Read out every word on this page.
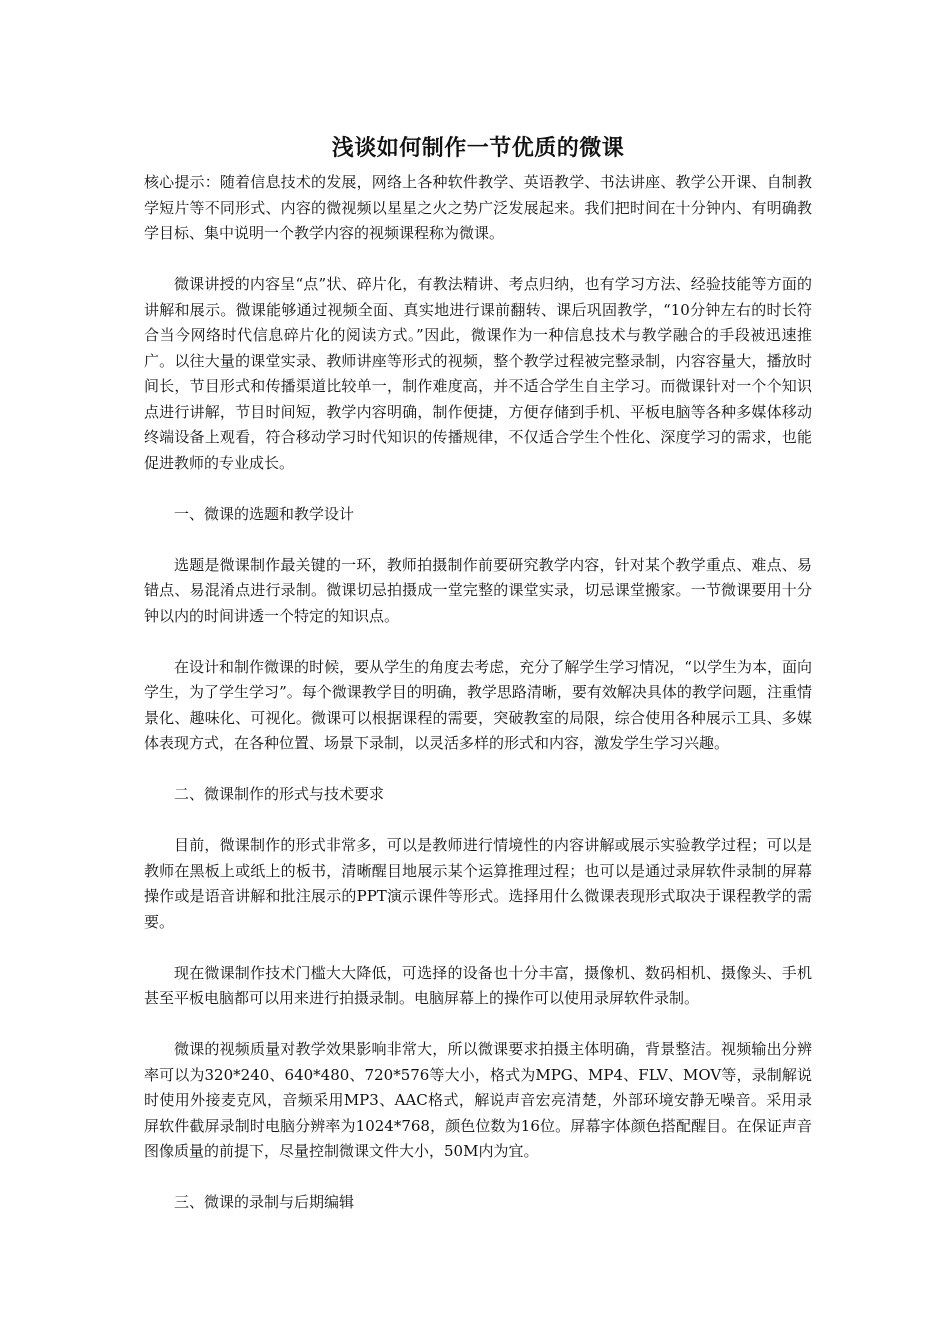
浅谈如何制作一节优质的微课

核心提示：随着信息技术的发展，网络上各种软件教学、英语教学、书法讲座、教学公开课、自制教学短片等不同形式、内容的微视频以星星之火之势广泛发展起来。我们把时间在十分钟内、有明确教学目标、集中说明一个教学内容的视频课程称为微课。

微课讲授的内容呈“点”状、碎片化，有教法精讲、考点归纳，也有学习方法、经验技能等方面的讲解和展示。微课能够通过视频全面、真实地进行课前翻转、课后巩固教学，“10分钟左右的时长符合当今网络时代信息碎片化的阅读方式。”因此，微课作为一种信息技术与教学融合的手段被迅速推广。以往大量的课堂实录、教师讲座等形式的视频，整个教学过程被完整录制，内容容量大，播放时间长，节目形式和传播渠道比较单一，制作难度高，并不适合学生自主学习。而微课针对一个个知识点进行讲解，节目时间短，教学内容明确，制作便捷，方便存储到手机、平板电脑等各种多媒体移动终端设备上观看，符合移动学习时代知识的传播规律，不仅适合学生个性化、深度学习的需求，也能促进教师的专业成长。

一、微课的选题和教学设计

选题是微课制作最关键的一环，教师拍摄制作前要研究教学内容，针对某个教学重点、难点、易错点、易混淆点进行录制。微课切忌拍摄成一堂完整的课堂实录，切忌课堂搬家。一节微课要用十分钟以内的时间讲透一个特定的知识点。

在设计和制作微课的时候，要从学生的角度去考虑，充分了解学生学习情况，“以学生为本，面向学生，为了学生学习”。每个微课教学目的明确，教学思路清晰，要有效解决具体的教学问题，注重情景化、趣味化、可视化。微课可以根据课程的需要，突破教室的局限，综合使用各种展示工具、多媒体表现方式，在各种位置、场景下录制，以灵活多样的形式和内容，激发学生学习兴趣。

二、微课制作的形式与技术要求

目前，微课制作的形式非常多，可以是教师进行情境性的内容讲解或展示实验教学过程；可以是教师在黑板上或纸上的板书，清晰醒目地展示某个运算推理过程；也可以是通过录屏软件录制的屏幕操作或是语音讲解和批注展示的PPT演示课件等形式。选择用什么微课表现形式取决于课程教学的需要。

现在微课制作技术门槛大大降低，可选择的设备也十分丰富，摄像机、数码相机、摄像头、手机甚至平板电脑都可以用来进行拍摄录制。电脑屏幕上的操作可以使用录屏软件录制。

微课的视频质量对教学效果影响非常大，所以微课要求拍摄主体明确，背景整洁。视频输出分辨率可以为320*240、640*480、720*576等大小，格式为MPG、MP4、FLV、MOV等，录制解说时使用外接麦克风，音频采用MP3、AAC格式，解说声音宏亮清楚，外部环境安静无噪音。采用录屏软件截屏录制时电脑分辨率为1024*768，颜色位数为16位。屏幕字体颜色搭配醒目。在保证声音图像质量的前提下，尽量控制微课文件大小，50M内为宜。

三、微课的录制与后期编辑
